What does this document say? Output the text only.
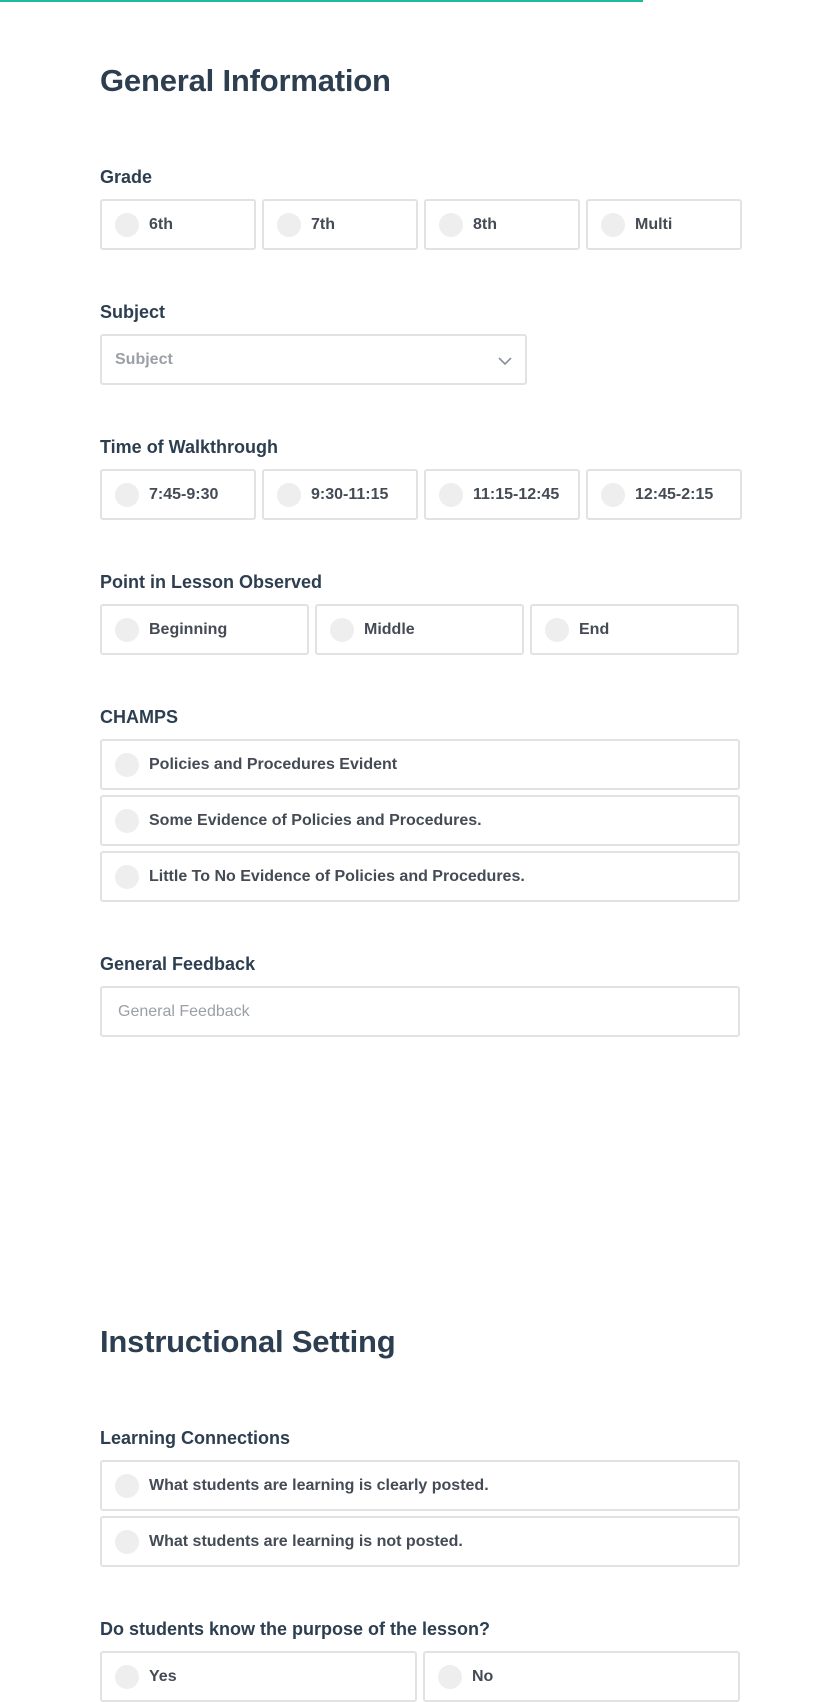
General Information
Grade
6th	7th	8th	Multi
Subject
Subject
Time of Walkthrough
7:45-9:30	9:30-11:15	11:15-12:45	12:45-2:15
Point in Lesson Observed
Beginning	Middle	End
CHAMPS
Policies and Procedures Evident
Some Evidence of Policies and Procedures.
Little To No Evidence of Policies and Procedures.
General Feedback
General Feedback
Instructional Setting
Learning Connections
What students are learning is clearly posted.
What students are learning is not posted.
Do students know the purpose of the lesson?
Yes	No
